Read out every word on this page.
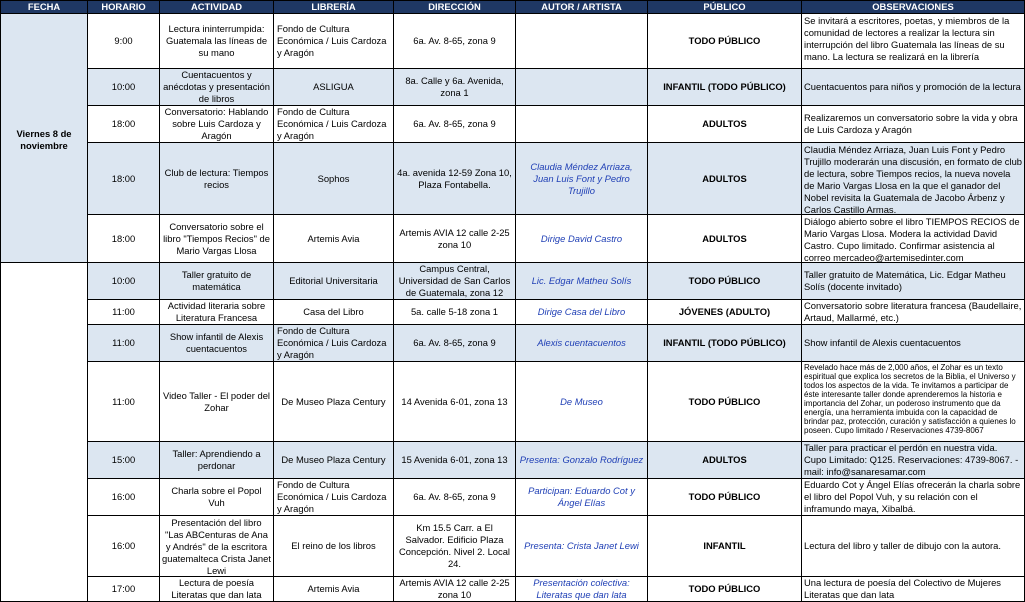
FECHA	HORARIO	ACTIVIDAD	LIBRERÍA	DIRECCIÓN	AUTOR / ARTISTA	PÚBLICO	OBSERVACIONES
Viernes 8 de noviembre	9:00	Lectura ininterrumpida: Guatemala las líneas de su mano	Fondo de Cultura Económica / Luis Cardoza y Aragón	6a. Av. 8-65, zona 9		TODO PÚBLICO	Se invitará a escritores, poetas, y miembros de la comunidad de lectores a realizar la lectura sin interrupción del libro Guatemala las líneas de su mano. La lectura se realizará en la librería

	10:00	Cuentacuentos y anécdotas y presentación de libros	ASLIGUA	8a. Calle y 6a. Avenida, zona 1		INFANTIL (TODO PÚBLICO)	Cuentacuentos para niños y promoción de la lectura
	18:00	Conversatorio: Hablando sobre Luis Cardoza y Aragón	Fondo de Cultura Económica / Luis Cardoza y Aragón	6a. Av. 8-65, zona 9		ADULTOS	Realizaremos un conversatorio sobre la vida y obra de Luis Cardoza y Aragón
	18:00	Club de lectura: Tiempos recios	Sophos	4a. avenida 12-59 Zona 10, Plaza Fontabella.	Claudia Méndez Arriaza, Juan Luis Font y Pedro Trujillo	ADULTOS	Claudia Méndez Arriaza, Juan Luis Font y Pedro Trujillo moderarán una discusión, en formato de club de lectura, sobre Tiempos recios, la nueva novela de Mario Vargas Llosa en la que el ganador del Nobel revisita la Guatemala de Jacobo Árbenz y Carlos Castillo Armas.

	18:00	Conversatorio sobre el libro "Tiempos Recios" de Mario Vargas Llosa	Artemis Avia	Artemis AVIA 12 calle 2-25 zona 10	Dirige David Castro	ADULTOS	Diálogo abierto sobre el libro TIEMPOS RECIOS de Mario Vargas Llosa. Modera la actividad David Castro. Cupo limitado. Confirmar asistencia al correo mercadeo@artemisedinter.com

	10:00	Taller gratuito de matemática	Editorial Universitaria	Campus Central, Universidad de San Carlos de Guatemala, zona 12	Lic. Edgar Matheu Solís	TODO PÚBLICO	Taller gratuito de Matemática, Lic. Edgar Matheu Solís (docente invitado)
	11:00	Actividad literaria sobre Literatura Francesa	Casa del Libro	5a. calle 5-18 zona 1	Dirige Casa del Libro	JÓVENES (ADULTO)	Conversatorio sobre literatura francesa (Baudellaire, Artaud, Mallarmé, etc.)

	11:00	Show infantil de Alexis cuentacuentos	Fondo de Cultura Económica / Luis Cardoza y Aragón	6a. Av. 8-65, zona 9	Alexis cuentacuentos	INFANTIL (TODO PÚBLICO)	Show infantil de Alexis cuentacuentos
	11:00	Video Taller - El poder del Zohar	De Museo Plaza Century	14 Avenida 6-01, zona 13	De Museo	TODO PÚBLICO	Revelado hace más de 2,000 años, el Zohar es un texto espiritual que explica los secretos de la Biblia, el Universo y todos los aspectos de la vida. Te invitamos a participar de éste interesante taller donde aprenderemos la historia e importancia del Zohar, un poderoso instrumento que da energía, una herramienta imbuida con la capacidad de brindar paz, protección, curación y satisfacción a quienes lo poseen. Cupo limitado / Reservaciones 4739-8067

	15:00	Taller: Aprendiendo a perdonar	De Museo Plaza Century	15 Avenida 6-01, zona 13	Presenta: Gonzalo Rodríguez	ADULTOS	Taller para practicar el perdón en nuestra vida. Cupo Limitado: Q125. Reservaciones: 4739-8067. -mail: info@sanaresamar.com

	16:00	Charla sobre el Popol Vuh	Fondo de Cultura Económica / Luis Cardoza y Aragón	6a. Av. 8-65, zona 9	Participan: Eduardo Cot y Ángel Elías	TODO PÚBLICO	Eduardo Cot y Ángel Elías ofrecerán la charla sobre el libro del Popol Vuh, y su relación con el inframundo maya, Xibalbá.

	16:00	Presentación del libro "Las ABCenturas de Ana y Andrés" de la escritora guatemalteca Crista Janet Lewi	El reino de los libros	Km 15.5 Carr. a El Salvador. Edificio Plaza Concepción. Nivel 2. Local 24.	Presenta: Crista Janet Lewi	INFANTIL	Lectura del libro y taller de dibujo con la autora.
	17:00	Lectura de poesía Literatas que dan lata	Artemis Avia	Artemis AVIA 12 calle 2-25 zona 10	Presentación colectiva: Literatas que dan lata	TODO PÚBLICO	Una lectura de poesía del Colectivo de Mujeres Literatas que dan lata
